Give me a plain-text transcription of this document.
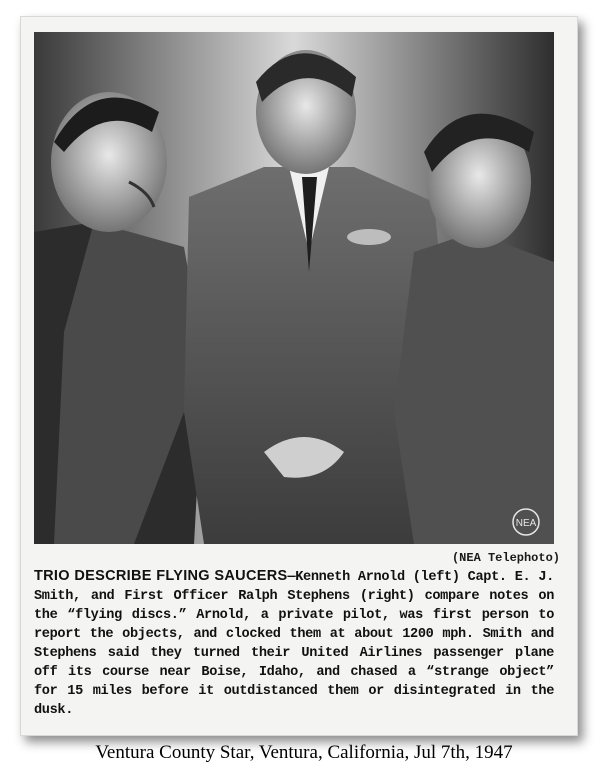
NEA
(NEA Telephoto)
TRIO DESCRIBE FLYING SAUCERS—Kenneth Arnold (left) Capt. E. J. Smith, and First Officer Ralph Stephens (right) compare notes on the “flying discs.” Arnold, a private pilot, was first person to report the objects, and clocked them at about 1200 mph. Smith and Stephens said they turned their United Airlines passenger plane off its course near Boise, Idaho, and chased a “strange object” for 15 miles before it outdistanced them or disintegrated in the dusk.
Ventura County Star, Ventura, California, Jul 7th, 1947
